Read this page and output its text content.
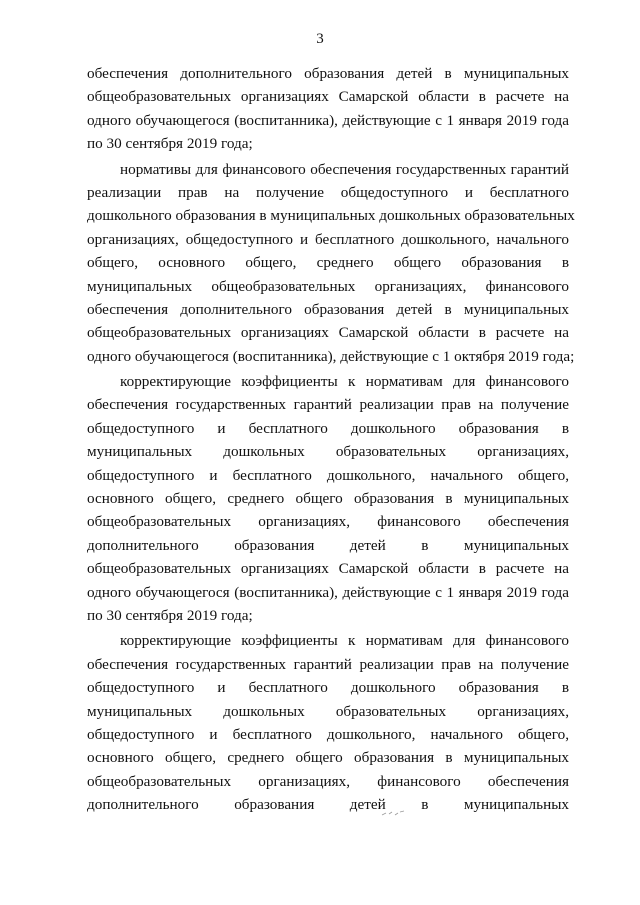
3
обеспечения дополнительного образования детей в муниципальных
общеобразовательных организациях Самарской области в расчете на
одного обучающегося (воспитанника), действующие с 1 января 2019 года
по 30 сентября 2019 года;
нормативы для финансового обеспечения государственных гарантий
реализации прав на получение общедоступного и бесплатного
дошкольного образования в муниципальных дошкольных образовательных
организациях, общедоступного и бесплатного дошкольного, начального
общего, основного общего, среднего общего образования в
муниципальных общеобразовательных организациях, финансового
обеспечения дополнительного образования детей в муниципальных
общеобразовательных организациях Самарской области в расчете на
одного обучающегося (воспитанника), действующие с 1 октября 2019 года;
корректирующие коэффициенты к нормативам для финансового
обеспечения государственных гарантий реализации прав на получение
общедоступного и бесплатного дошкольного образования в
муниципальных дошкольных образовательных организациях,
общедоступного и бесплатного дошкольного, начального общего,
основного общего, среднего общего образования в муниципальных
общеобразовательных организациях, финансового обеспечения
дополнительного образования детей в муниципальных
общеобразовательных организациях Самарской области в расчете на
одного обучающегося (воспитанника), действующие с 1 января 2019 года
по 30 сентября 2019 года;
корректирующие коэффициенты к нормативам для финансового
обеспечения государственных гарантий реализации прав на получение
общедоступного и бесплатного дошкольного образования в
муниципальных дошкольных образовательных организациях,
общедоступного и бесплатного дошкольного, начального общего,
основного общего, среднего общего образования в муниципальных
общеобразовательных организациях, финансового обеспечения
дополнительного образования детей в муниципальных
